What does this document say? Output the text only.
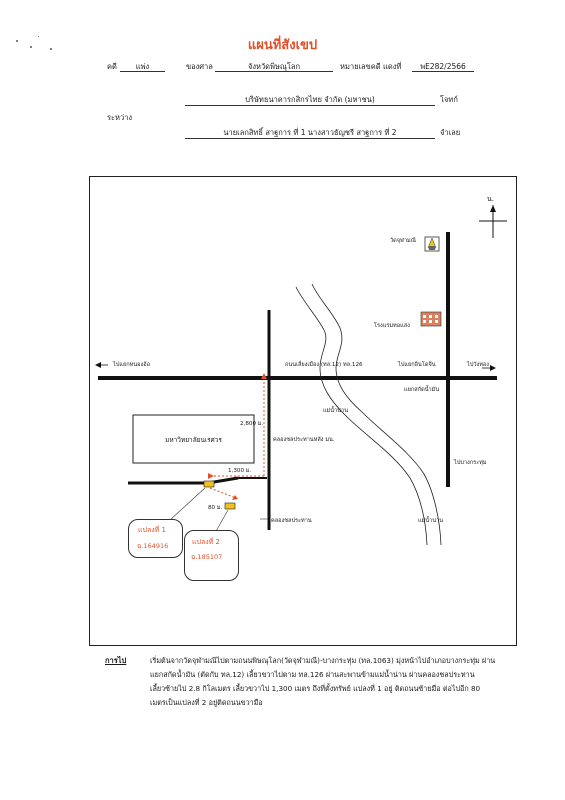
แผนที่สังเขป
คดี	แพ่ง	ของศาล	จังหวัดพิษณุโลก	หมายเลขคดี แดงที่	พE282/2566
บริษัทธนาคารกสิกรไทย จำกัด (มหาชน)	โจทก์
ระหว่าง
นายเลกสิทธิ์ สาฐการ ที่ 1 นางสาวธัญชรี สาฐการ ที่ 2	จำเลย
น.
วัดจุฬามณี
โรงแรมทอแสง
ไปแยกหนองอ้อ	ถนนเลี่ยงเมือง (ทล.12) ทล.126	ไปแยกอินโดจีน	ไปวังทอง
แยกสกัดน้ำมัน
แม่น้ำน่าน
มหาวิทยาลัยนเรศวร
2,800 ม.
คลองชลประทานหลัง มน.
ไปบางกระทุ่ม
1,300 ม.
80 ม.
คลองชลประทาน	แม่น้ำน่าน
แปลงที่ 1
ฉ.164916	แปลงที่ 2
ฉ.185107
การไป	เริ่มต้นจากวัดจุฬามณีไปตามถนนพิษณุโลก(วัดจุฬามณี)-บางกระทุ่ม (ทล.1063) มุ่งหน้าไปอำเภอบางกระทุ่ม ผ่าน
แยกสกัดน้ำมัน (ตัดกับ ทล.12) เลี้ยวขวาไปตาม ทล.126 ผ่านสะพานข้ามแม่น้ำน่าน ผ่านคลองชลประทาน
เลี้ยวซ้ายไป 2.8 กิโลเมตร เลี้ยวขวาไป 1,300 เมตร ถึงที่ตั้งทรัพย์ แปลงที่ 1 อยู่ ติดถนนซ้ายมือ ต่อไปอีก 80
เมตรเป็นแปลงที่ 2 อยู่ติดถนนขวามือ
